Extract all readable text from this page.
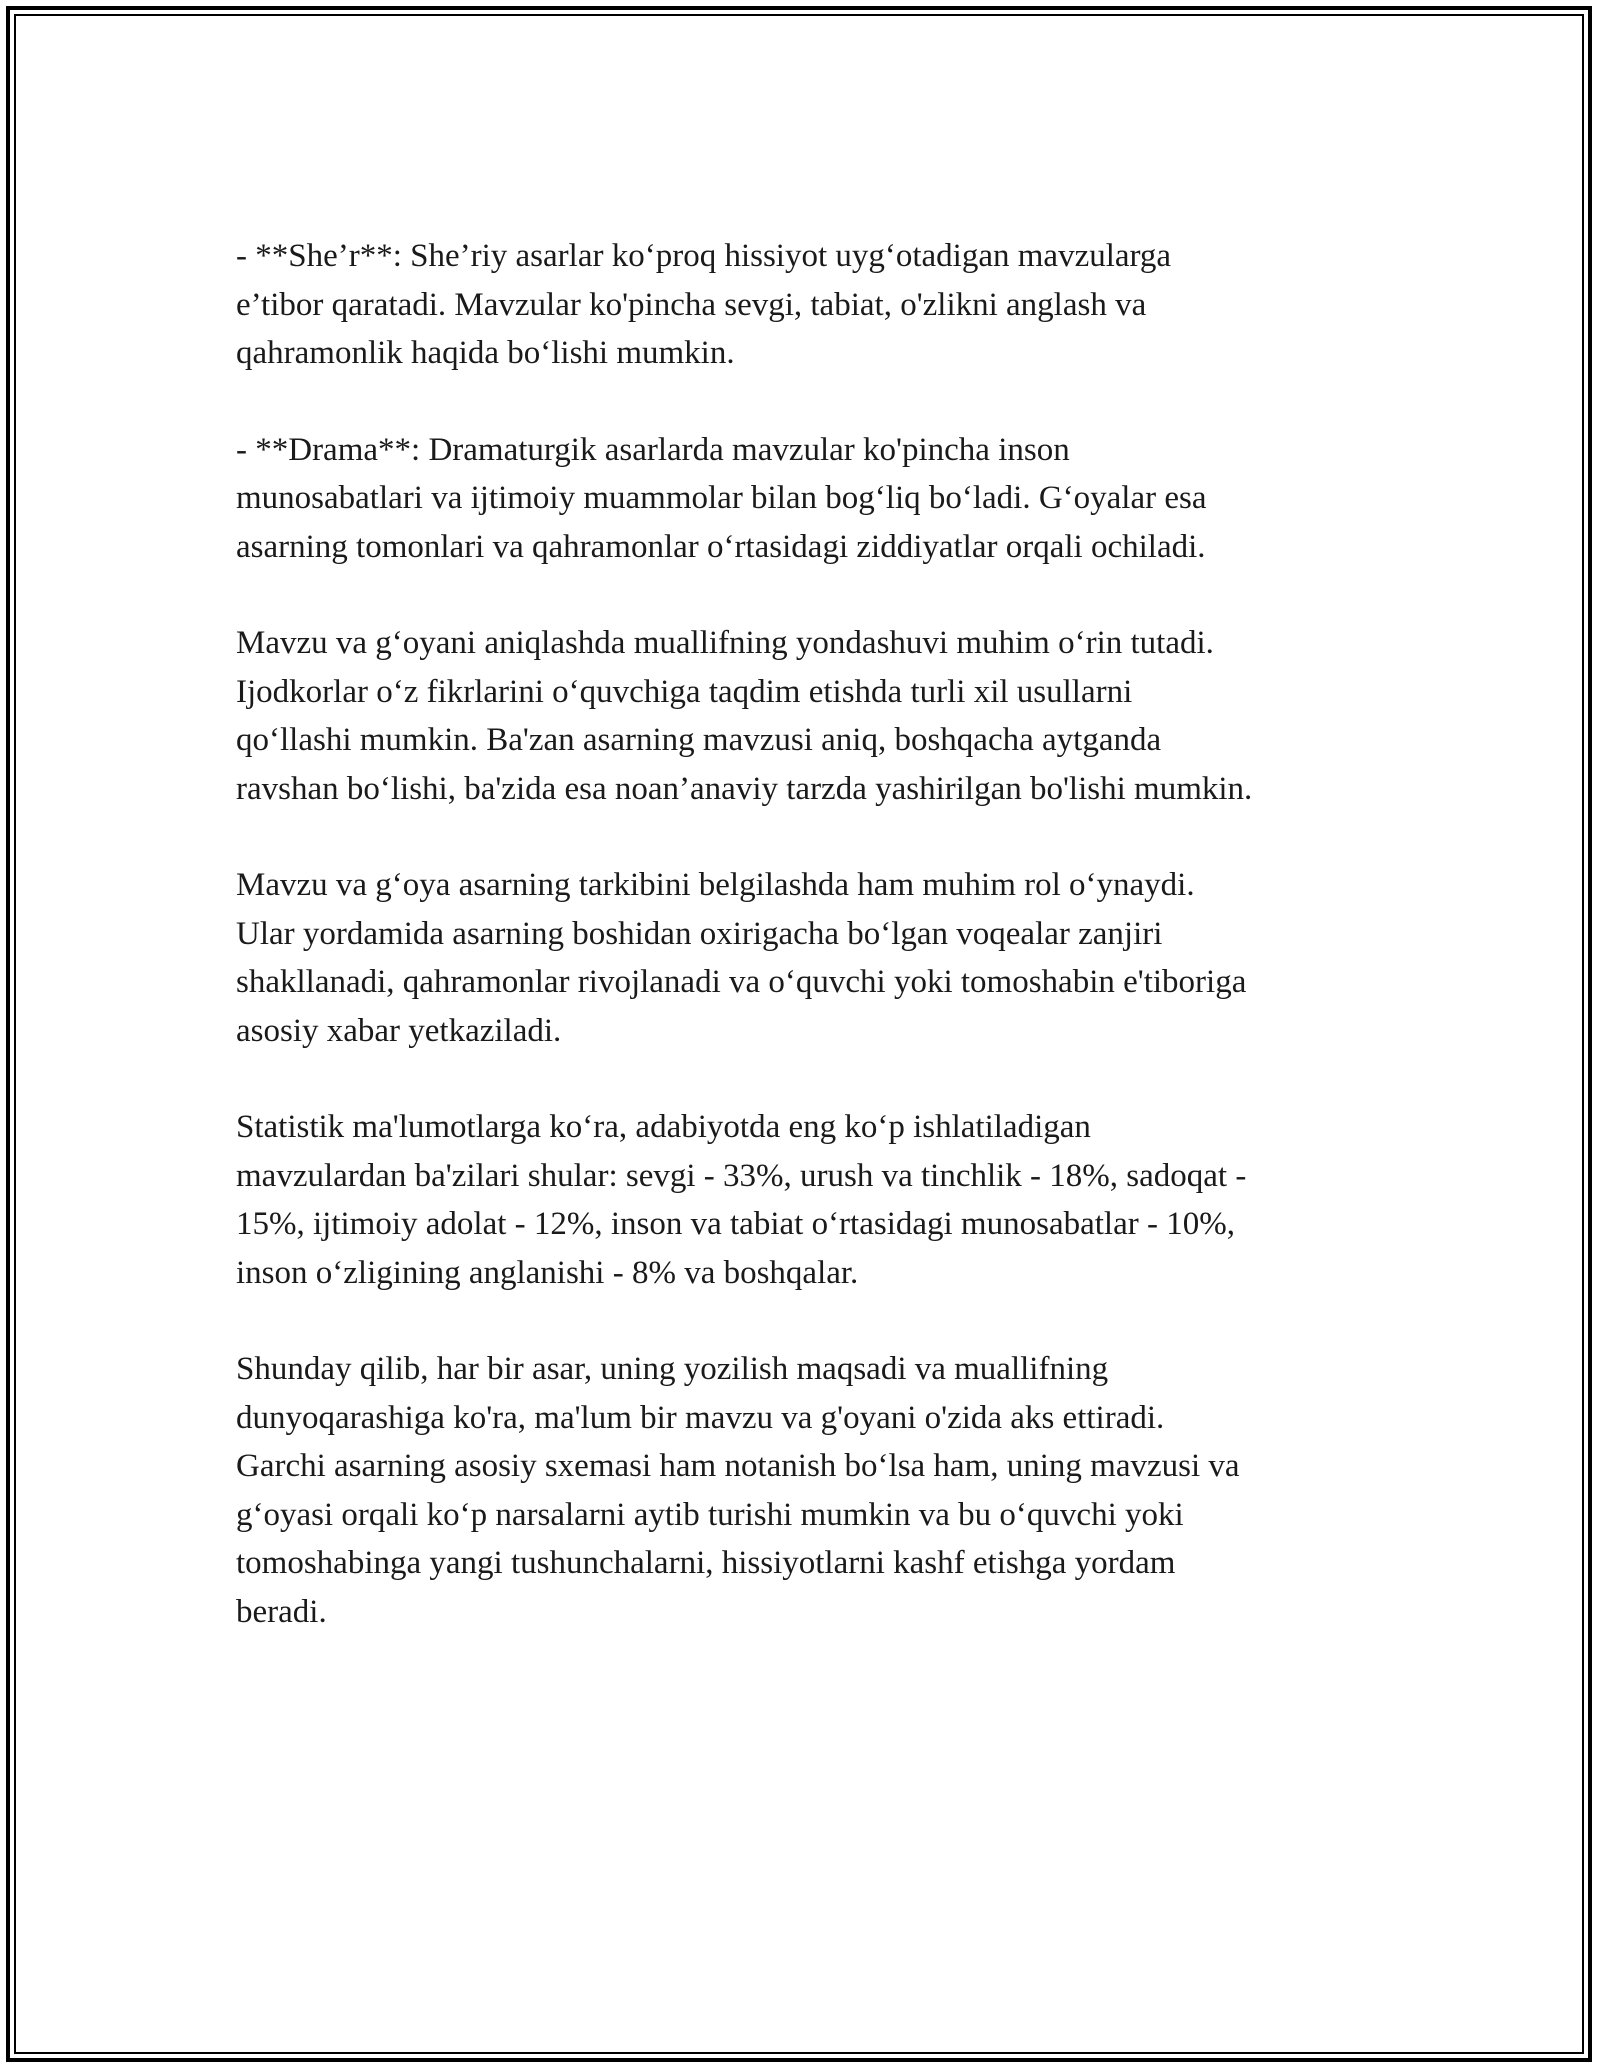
- **She’r**: She’riy asarlar ko‘proq hissiyot uyg‘otadigan mavzularga
e’tibor qaratadi. Mavzular ko'pincha sevgi, tabiat, o'zlikni anglash va
qahramonlik haqida bo‘lishi mumkin.

- **Drama**: Dramaturgik asarlarda mavzular ko'pincha inson
munosabatlari va ijtimoiy muammolar bilan bog‘liq bo‘ladi. G‘oyalar esa
asarning tomonlari va qahramonlar o‘rtasidagi ziddiyatlar orqali ochiladi.

Mavzu va g‘oyani aniqlashda muallifning yondashuvi muhim o‘rin tutadi.
Ijodkorlar o‘z fikrlarini o‘quvchiga taqdim etishda turli xil usullarni
qo‘llashi mumkin. Ba'zan asarning mavzusi aniq, boshqacha aytganda
ravshan bo‘lishi, ba'zida esa noan’anaviy tarzda yashirilgan bo'lishi mumkin.

Mavzu va g‘oya asarning tarkibini belgilashda ham muhim rol o‘ynaydi.
Ular yordamida asarning boshidan oxirigacha bo‘lgan voqealar zanjiri
shakllanadi, qahramonlar rivojlanadi va o‘quvchi yoki tomoshabin e'tiboriga
asosiy xabar yetkaziladi.

Statistik ma'lumotlarga ko‘ra, adabiyotda eng ko‘p ishlatiladigan
mavzulardan ba'zilari shular: sevgi - 33%, urush va tinchlik - 18%, sadoqat -
15%, ijtimoiy adolat - 12%, inson va tabiat o‘rtasidagi munosabatlar - 10%,
inson o‘zligining anglanishi - 8% va boshqalar.

Shunday qilib, har bir asar, uning yozilish maqsadi va muallifning
dunyoqarashiga ko'ra, ma'lum bir mavzu va g'oyani o'zida aks ettiradi.
Garchi asarning asosiy sxemasi ham notanish bo‘lsa ham, uning mavzusi va
g‘oyasi orqali ko‘p narsalarni aytib turishi mumkin va bu o‘quvchi yoki
tomoshabinga yangi tushunchalarni, hissiyotlarni kashf etishga yordam
beradi.
